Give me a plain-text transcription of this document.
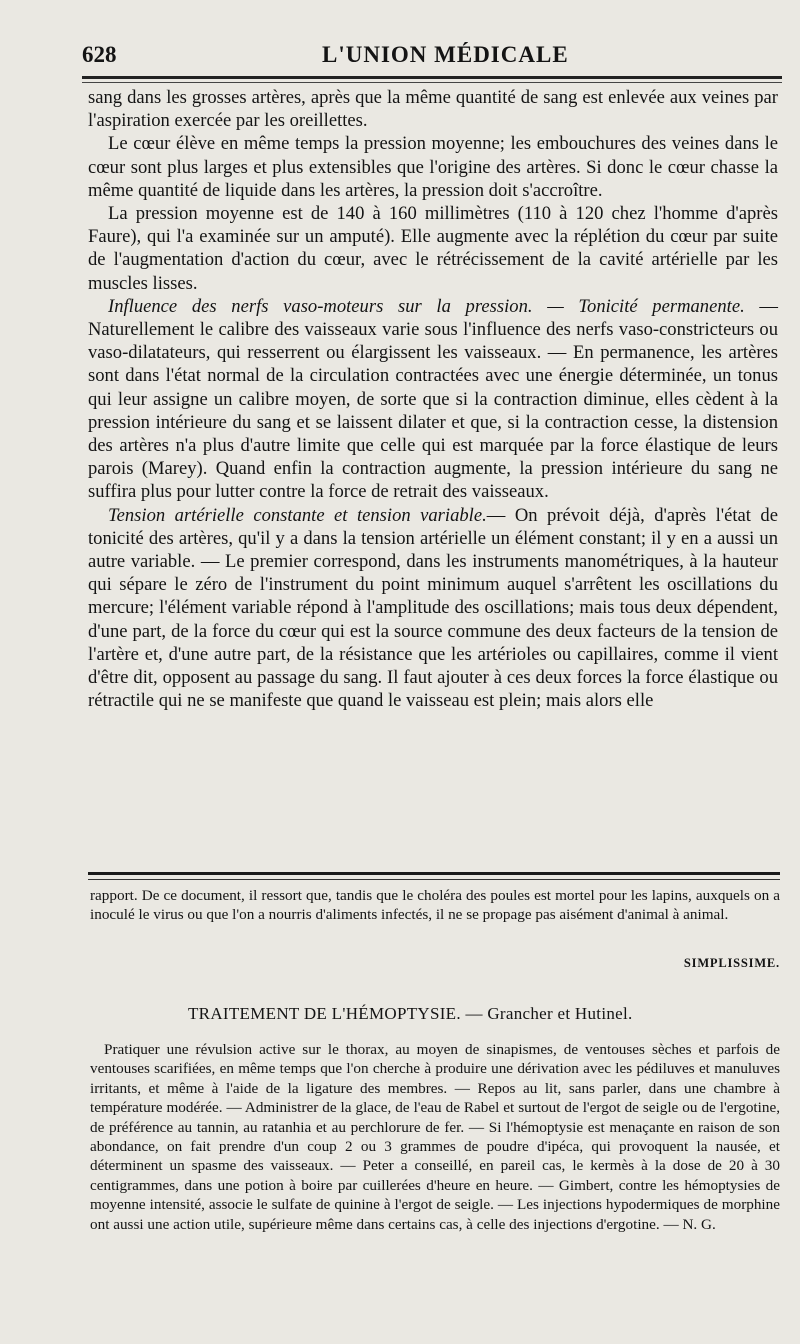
628	L'UNION MÉDICALE

sang dans les grosses artères, après que la même quantité de sang est enlevée aux veines par l'aspiration exercée par les oreillettes.

Le cœur élève en même temps la pression moyenne; les embouchures des veines dans le cœur sont plus larges et plus extensibles que l'origine des artères. Si donc le cœur chasse la même quantité de liquide dans les artères, la pression doit s'accroître.

La pression moyenne est de 140 à 160 millimètres (110 à 120 chez l'homme d'après Faure), qui l'a examinée sur un amputé). Elle augmente avec la réplétion du cœur par suite de l'augmentation d'action du cœur, avec le rétrécissement de la cavité artérielle par les muscles lisses.

Influence des nerfs vaso-moteurs sur la pression. — Tonicité permanente. — Naturellement le calibre des vaisseaux varie sous l'influence des nerfs vaso-constricteurs ou vaso-dilatateurs, qui resserrent ou élargissent les vaisseaux. — En permanence, les artères sont dans l'état normal de la circulation contractées avec une énergie déterminée, un tonus qui leur assigne un calibre moyen, de sorte que si la contraction diminue, elles cèdent à la pression intérieure du sang et se laissent dilater et que, si la contraction cesse, la distension des artères n'a plus d'autre limite que celle qui est marquée par la force élastique de leurs parois (Marey). Quand enfin la contraction augmente, la pression intérieure du sang ne suffira plus pour lutter contre la force de retrait des vaisseaux.

Tension artérielle constante et tension variable.— On prévoit déjà, d'après l'état de tonicité des artères, qu'il y a dans la tension artérielle un élément constant; il y en a aussi un autre variable. — Le premier correspond, dans les instruments manométriques, à la hauteur qui sépare le zéro de l'instrument du point minimum auquel s'arrêtent les oscillations du mercure; l'élément variable répond à l'amplitude des oscillations; mais tous deux dépendent, d'une part, de la force du cœur qui est la source commune des deux facteurs de la tension de l'artère et, d'une autre part, de la résistance que les artérioles ou capillaires, comme il vient d'être dit, opposent au passage du sang. Il faut ajouter à ces deux forces la force élastique ou rétractile qui ne se manifeste que quand le vaisseau est plein; mais alors elle

rapport. De ce document, il ressort que, tandis que le choléra des poules est mortel pour les lapins, auxquels on a inoculé le virus ou que l'on a nourris d'aliments infectés, il ne se propage pas aisément d'animal à animal.

SIMPLISSIME.
TRAITEMENT DE L'HÉMOPTYSIE. — Grancher et Hutinel.

Pratiquer une révulsion active sur le thorax, au moyen de sinapismes, de ventouses sèches et parfois de ventouses scarifiées, en même temps que l'on cherche à produire une dérivation avec les pédiluves et manuluves irritants, et même à l'aide de la ligature des membres. — Repos au lit, sans parler, dans une chambre à température modérée. — Administrer de la glace, de l'eau de Rabel et surtout de l'ergot de seigle ou de l'ergotine, de préférence au tannin, au ratanhia et au perchlorure de fer. — Si l'hémoptysie est menaçante en raison de son abondance, on fait prendre d'un coup 2 ou 3 grammes de poudre d'ipéca, qui provoquent la nausée, et déterminent un spasme des vaisseaux. — Peter a conseillé, en pareil cas, le kermès à la dose de 20 à 30 centigrammes, dans une potion à boire par cuillerées d'heure en heure. — Gimbert, contre les hémoptysies de moyenne intensité, associe le sulfate de quinine à l'ergot de seigle. — Les injections hypodermiques de morphine ont aussi une action utile, supérieure même dans certains cas, à celle des injections d'ergotine. — N. G.
